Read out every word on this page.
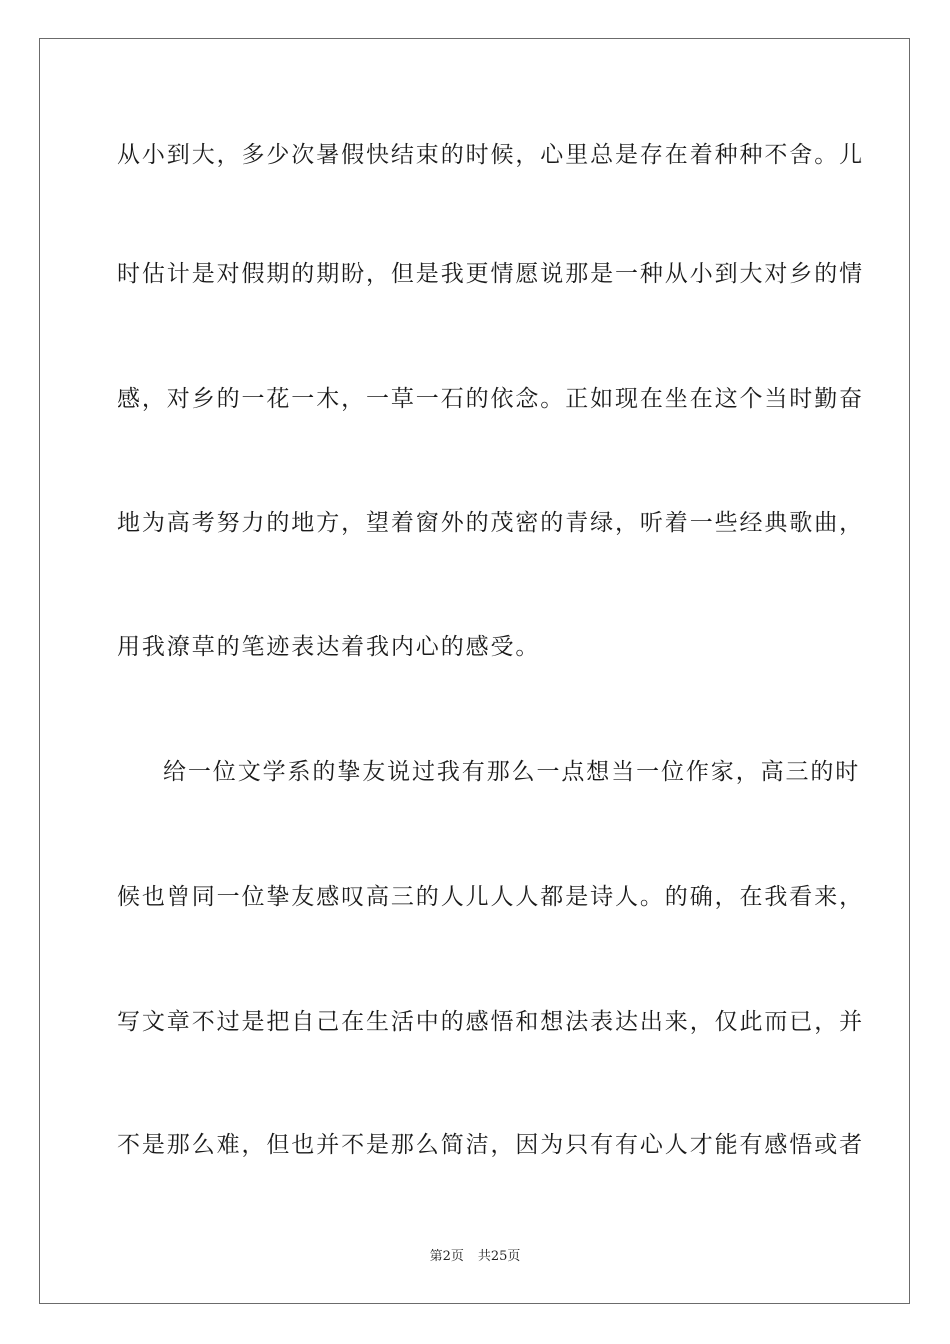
从小到大，多少次暑假快结束的时候，心里总是存在着种种不舍。儿
时估计是对假期的期盼，但是我更情愿说那是一种从小到大对乡的情
感，对乡的一花一木，一草一石的依念。正如现在坐在这个当时勤奋
地为高考努力的地方，望着窗外的茂密的青绿，听着一些经典歌曲，
用我潦草的笔迹表达着我内心的感受。
给一位文学系的挚友说过我有那么一点想当一位作家，高三的时
候也曾同一位挚友感叹高三的人儿人人都是诗人。的确，在我看来，
写文章不过是把自己在生活中的感悟和想法表达出来，仅此而已，并
不是那么难，但也并不是那么简洁，因为只有有心人才能有感悟或者
第2页 共25页
